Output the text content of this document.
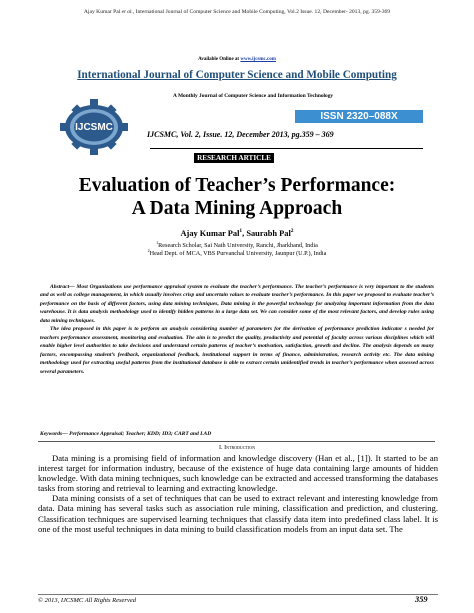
Ajay Kumar Pal et al., International Journal of Computer Science and Mobile Computing, Vol.2 Issue. 12, December- 2013, pg. 359-369
Available Online at www.ijcsmc.com
International Journal of Computer Science and Mobile Computing
A Monthly Journal of Computer Science and Information Technology
IJCSMC
ISSN 2320–088X
IJCSMC, Vol. 2, Issue. 12, December 2013, pg.359 – 369
RESEARCH ARTICLE
Evaluation of Teacher’s Performance:
A Data Mining Approach
Ajay Kumar Pal$^1$, Saurabh Pal$^2$
$^1$Research Scholar, Sai Nath University, Ranchi, Jharkhand, India
$^2$Head Dept. of MCA, VBS Purvanchal University, Jaunpur (U.P.), India

Abstract— Most Organizations use performance appraisal system to evaluate the teacher’s performance. The teacher’s performance is very important to the students and as well as college management, in which usually involves crisp and uncertain values to evaluate teacher’s performance. In this paper we proposed to evaluate teacher’s performance on the basis of different factors, using data mining techniques, Data mining is the powerful technology for analyzing important information from the data warehouse. It is data analysis methodology used to identify hidden patterns in a large data set. We can consider some of the most relevant factors, and develop rules using data mining techniques.

The idea proposed in this paper is to perform an analysis considering number of parameters for the derivation of performance prediction indicator s needed for teachers performance assessment, monitoring and evaluation. The aim is to predict the quality, productivity and potential of faculty across various disciplines which will enable higher level authorities to take decisions and understand certain patterns of teacher’s motivation, satisfaction, growth and decline. The analysis depends on many factors, encompassing student’s feedback, organizational feedback, institutional support in terms of finance, administration, research activity etc. The data mining methodology used for extracting useful patterns from the institutional database is able to extract certain unidentified trends in teacher’s performance when assessed across several parameters.

Keywords— Performance Appraisal; Teacher; KDD; ID3; CART and LAD
I. Introduction

Data mining is a promising field of information and knowledge discovery (Han et al., [1]). It started to be an interest target for information industry, because of the existence of huge data containing large amounts of hidden knowledge. With data mining techniques, such knowledge can be extracted and accessed transforming the databases tasks from storing and retrieval to learning and extracting knowledge.

Data mining consists of a set of techniques that can be used to extract relevant and interesting knowledge from data. Data mining has several tasks such as association rule mining, classification and prediction, and clustering. Classification techniques are supervised learning techniques that classify data item into predefined class label. It is one of the most useful techniques in data mining to build classification models from an input data set. The

© 2013, IJCSMC All Rights Reserved	359
